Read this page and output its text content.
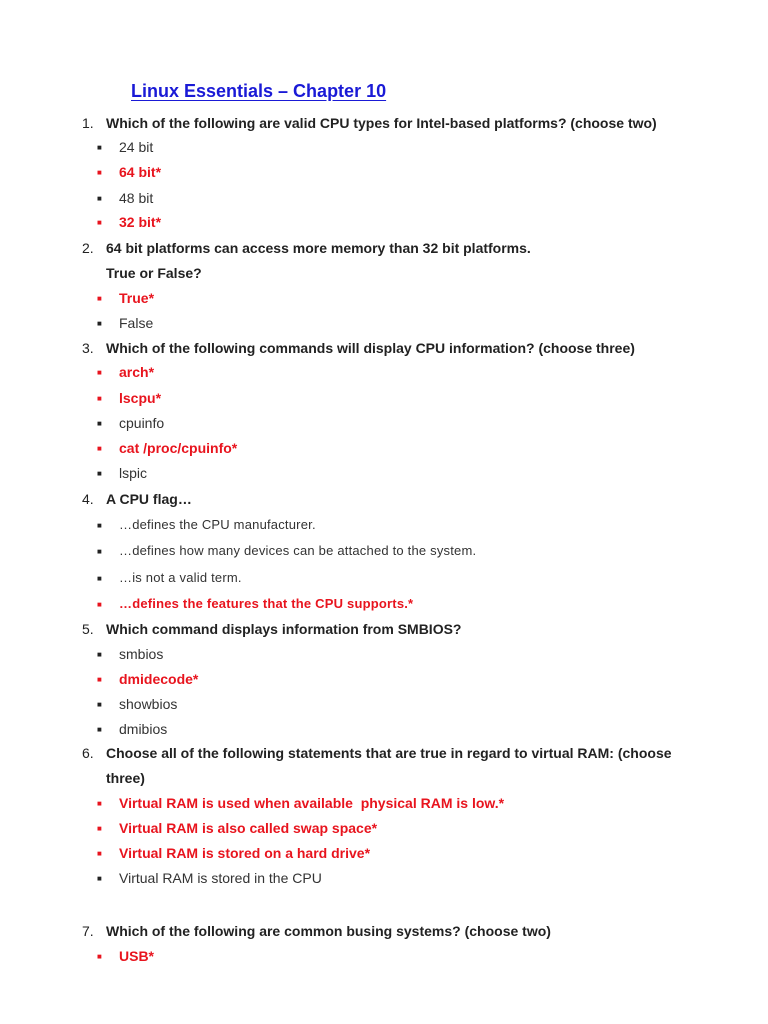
Linux Essentials – Chapter 10
1. Which of the following are valid CPU types for Intel-based platforms? (choose two)
■ 24 bit
■ 64 bit*
■ 48 bit
■ 32 bit*
2. 64 bit platforms can access more memory than 32 bit platforms.
True or False?
■ True*
■ False
3. Which of the following commands will display CPU information? (choose three)
■ arch*
■ lscpu*
■ cpuinfo
■ cat /proc/cpuinfo*
■ lspic
4. A CPU flag…
■ …defines the CPU manufacturer.
■ …defines how many devices can be attached to the system.
■ …is not a valid term.
■ …defines the features that the CPU supports.*
5. Which command displays information from SMBIOS?
■ smbios
■ dmidecode*
■ showbios
■ dmibios
6. Choose all of the following statements that are true in regard to virtual RAM: (choose
three)
■ Virtual RAM is used when available  physical RAM is low.*
■ Virtual RAM is also called swap space*
■ Virtual RAM is stored on a hard drive*
■ Virtual RAM is stored in the CPU
7. Which of the following are common busing systems? (choose two)
■ USB*
